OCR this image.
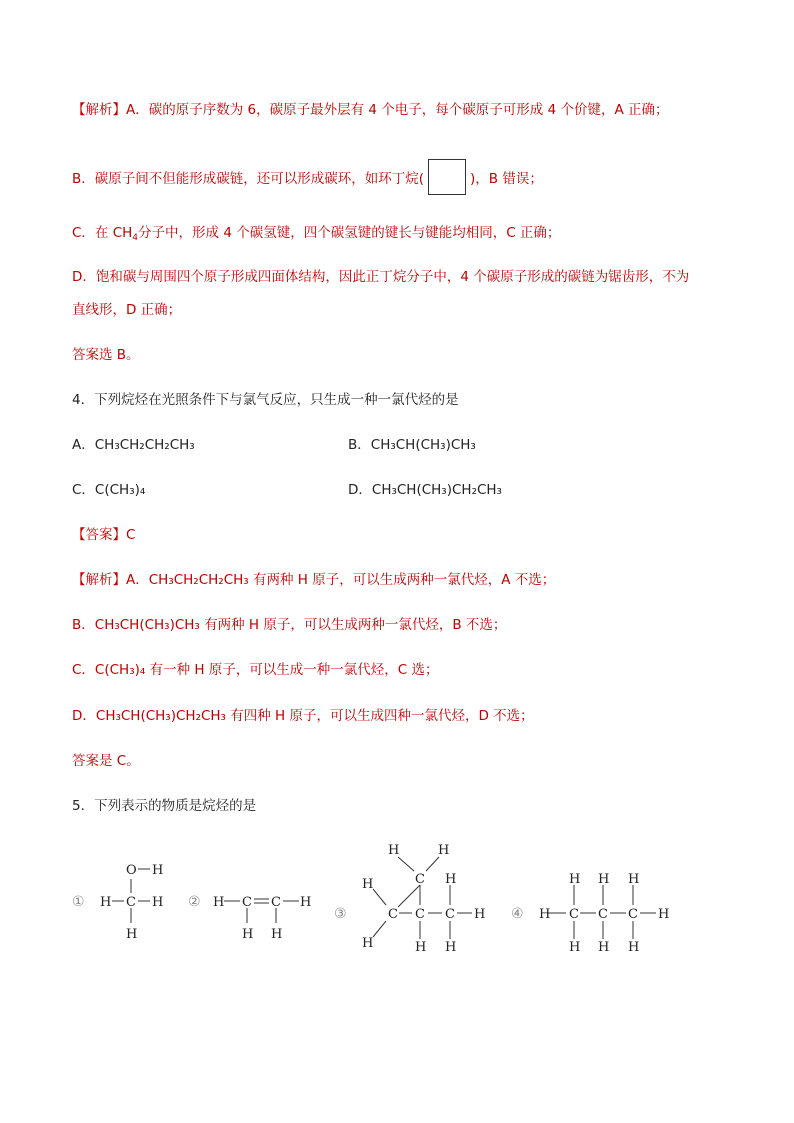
【解析】A．碳的原子序数为 6，碳原子最外层有 4 个电子，每个碳原子可形成 4 个价键，A 正确；
B．碳原子间不但能形成碳链，还可以形成碳环，如环丁烷(	)，B 错误；
C．在 $CH_4$分子中，形成 4 个碳氢键，四个碳氢键的键长与键能均相同，C 正确；
D．饱和碳与周围四个原子形成四面体结构，因此正丁烷分子中，4 个碳原子形成的碳链为锯齿形，不为
直线形，D 正确；
答案选 B。
4．下列烷烃在光照条件下与氯气反应，只生成一种一氯代烃的是
A．CH₃CH₂CH₂CH₃	B．CH₃CH(CH₃)CH₃
C．C(CH₃)₄	D．CH₃CH(CH₃)CH₂CH₃
【答案】C
【解析】A．CH₃CH₂CH₂CH₃ 有两种 H 原子，可以生成两种一氯代烃，A 不选；
B．CH₃CH(CH₃)CH₃ 有两种 H 原子，可以生成两种一氯代烃，B 不选；
C．C(CH₃)₄ 有一种 H 原子，可以生成一种一氯代烃，C 选；
D．CH₃CH(CH₃)CH₂CH₃ 有四种 H 原子，可以生成四种一氯代烃，D 不选；
答案是 C。
5．下列表示的物质是烷烃的是
①	②
③	④
O H
H C H
H
H C C H
H H
H	H
C
H	H
C C C H
H	H H
H C C C H
H H H
H H H
